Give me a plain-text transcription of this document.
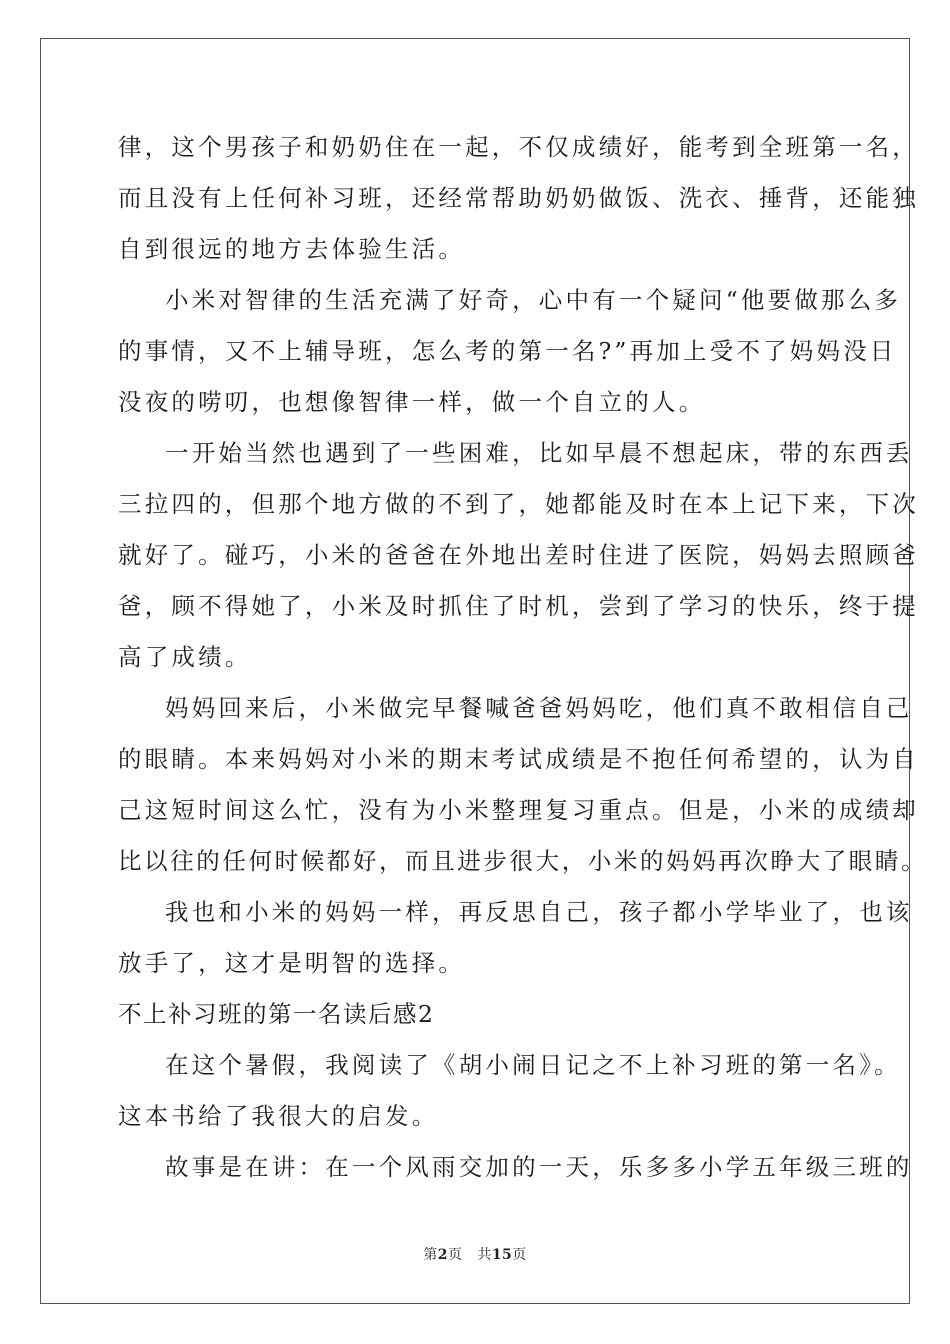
律，这个男孩子和奶奶住在一起，不仅成绩好，能考到全班第一名，
而且没有上任何补习班，还经常帮助奶奶做饭、洗衣、捶背，还能独
自到很远的地方去体验生活。
小米对智律的生活充满了好奇，心中有一个疑问“他要做那么多
的事情，又不上辅导班，怎么考的第一名?”再加上受不了妈妈没日
没夜的唠叨，也想像智律一样，做一个自立的人。
一开始当然也遇到了一些困难，比如早晨不想起床，带的东西丢
三拉四的，但那个地方做的不到了，她都能及时在本上记下来，下次
就好了。碰巧，小米的爸爸在外地出差时住进了医院，妈妈去照顾爸
爸，顾不得她了，小米及时抓住了时机，尝到了学习的快乐，终于提
高了成绩。
妈妈回来后，小米做完早餐喊爸爸妈妈吃，他们真不敢相信自己
的眼睛。本来妈妈对小米的期末考试成绩是不抱任何希望的，认为自
己这短时间这么忙，没有为小米整理复习重点。但是，小米的成绩却
比以往的任何时候都好，而且进步很大，小米的妈妈再次睁大了眼睛。
我也和小米的妈妈一样，再反思自己，孩子都小学毕业了，也该
放手了，这才是明智的选择。
不上补习班的第一名读后感2
在这个暑假，我阅读了《胡小闹日记之不上补习班的第一名》。
这本书给了我很大的启发。
故事是在讲：在一个风雨交加的一天，乐多多小学五年级三班的
第2页 共15页
